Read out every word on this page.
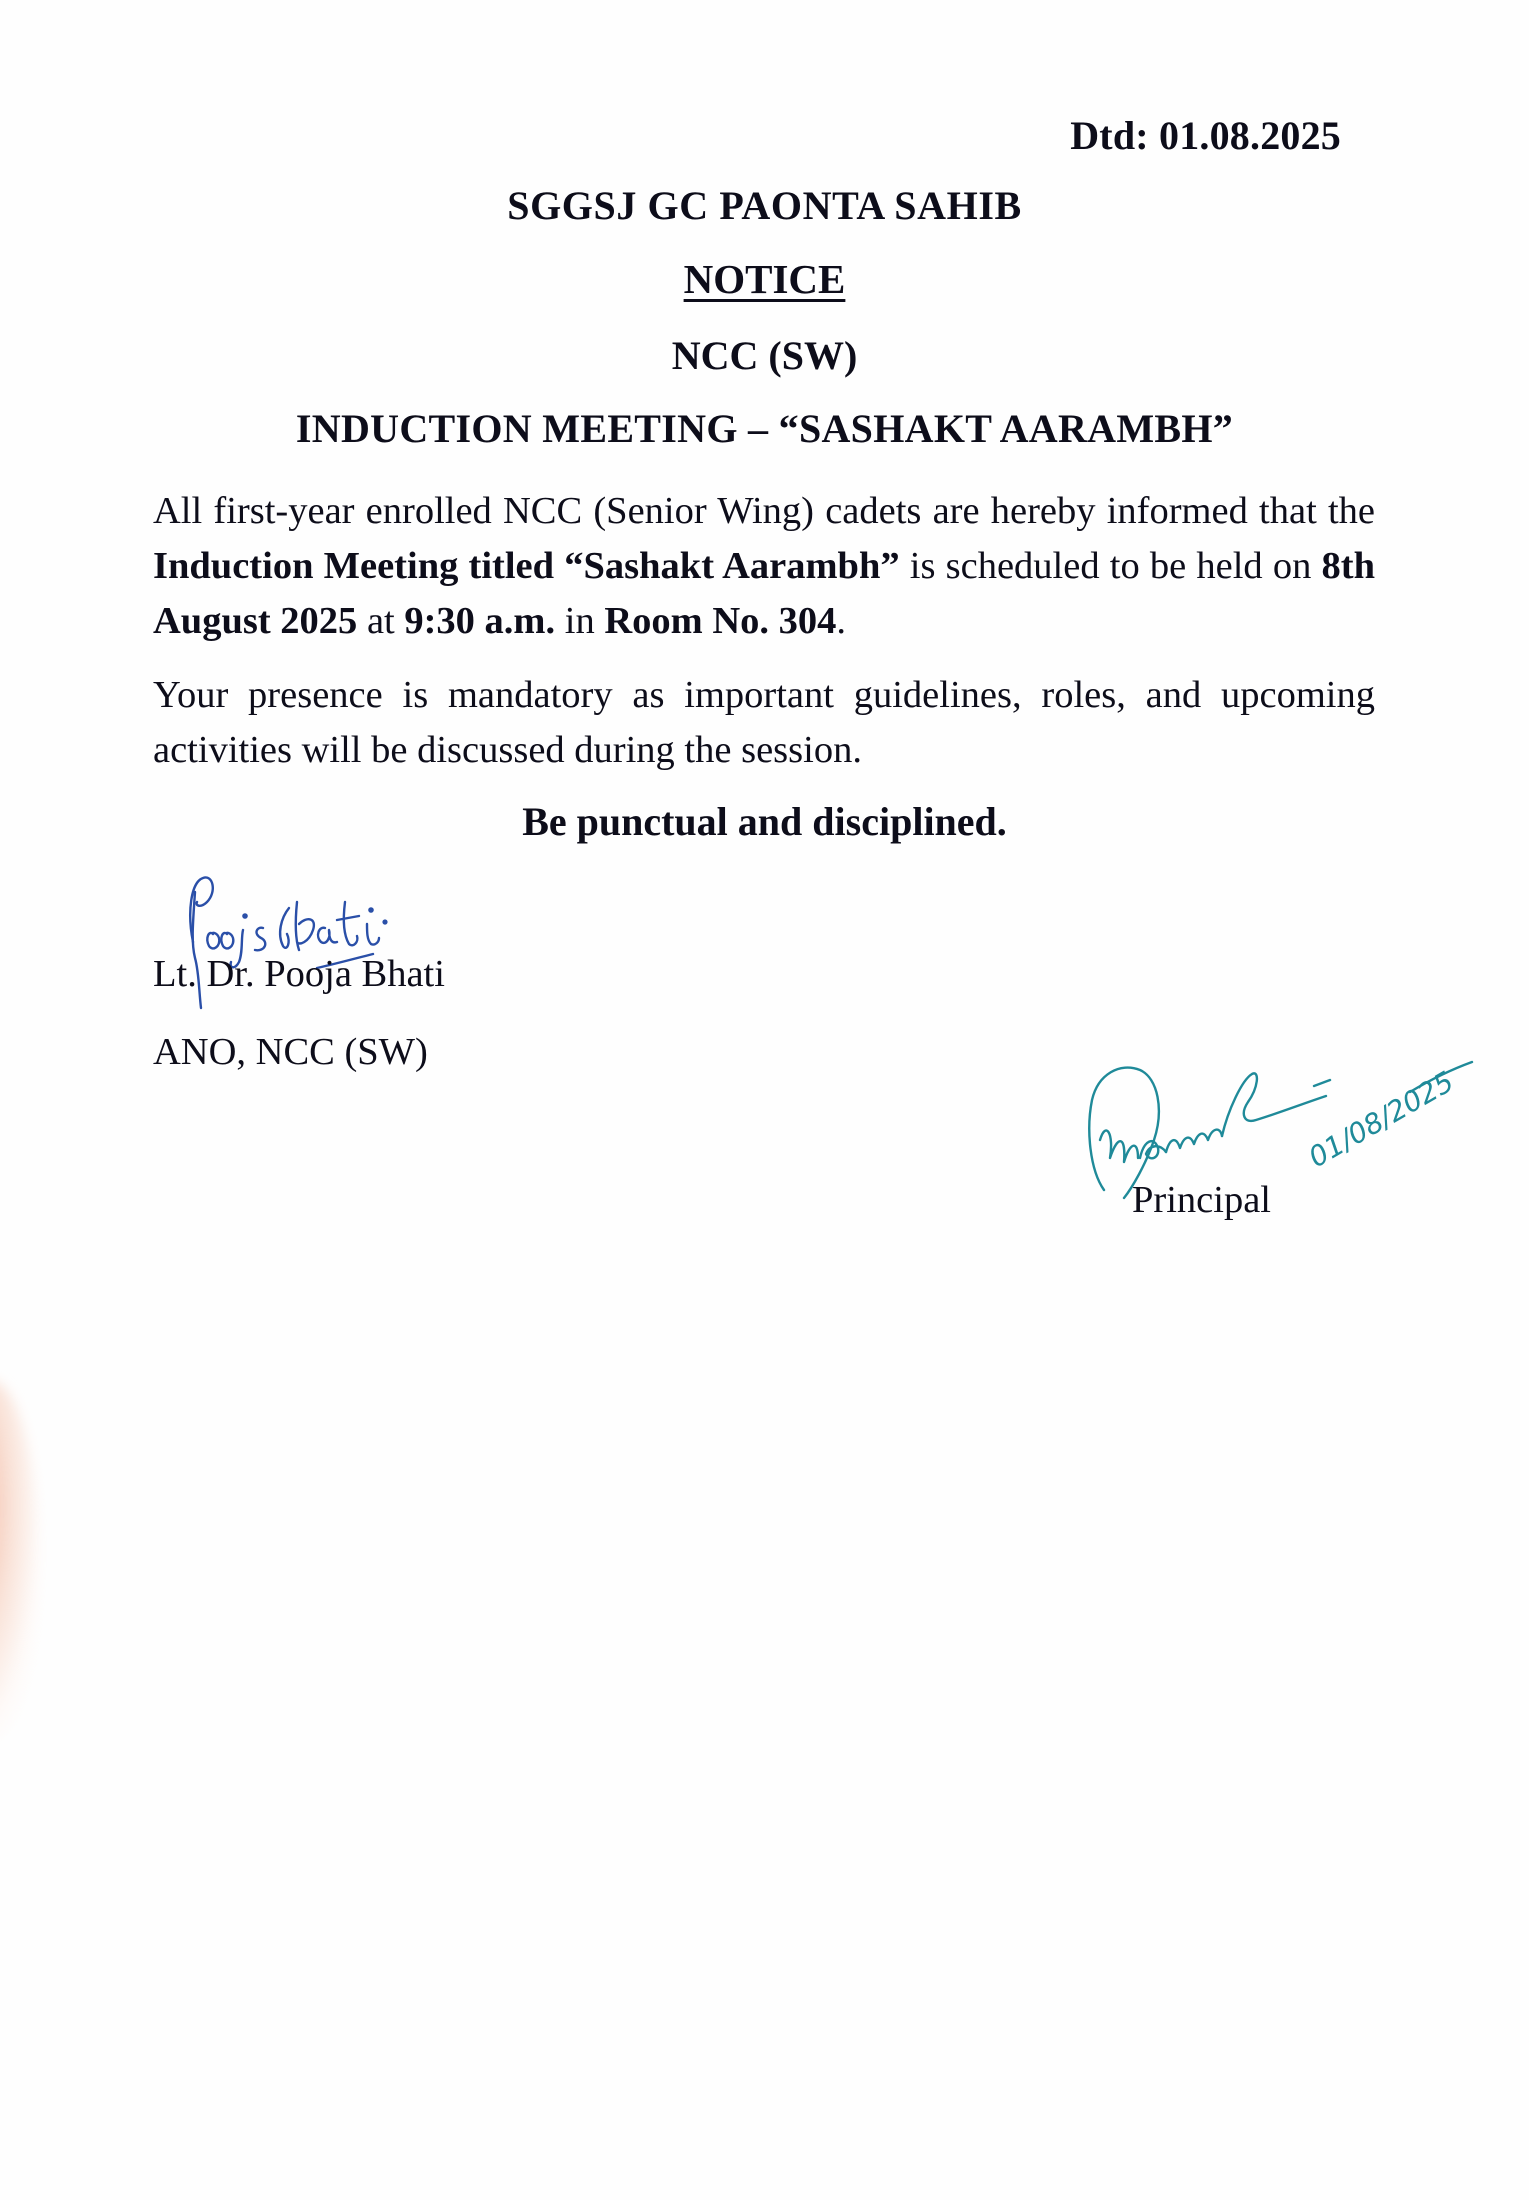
Dtd: 01.08.2025
SGGSJ GC PAONTA SAHIB
NOTICE
NCC (SW)
INDUCTION MEETING – “SASHAKT AARAMBH”
All first-year enrolled NCC (Senior Wing) cadets are hereby informed that the Induction Meeting titled “Sashakt Aarambh” is scheduled to be held on 8th August 2025 at 9:30 a.m. in Room No. 304.
Your presence is mandatory as important guidelines, roles, and upcoming activities will be discussed during the session.
Be punctual and disciplined.
Lt. Dr. Pooja Bhati
ANO, NCC (SW)
01/08/2025
Principal
